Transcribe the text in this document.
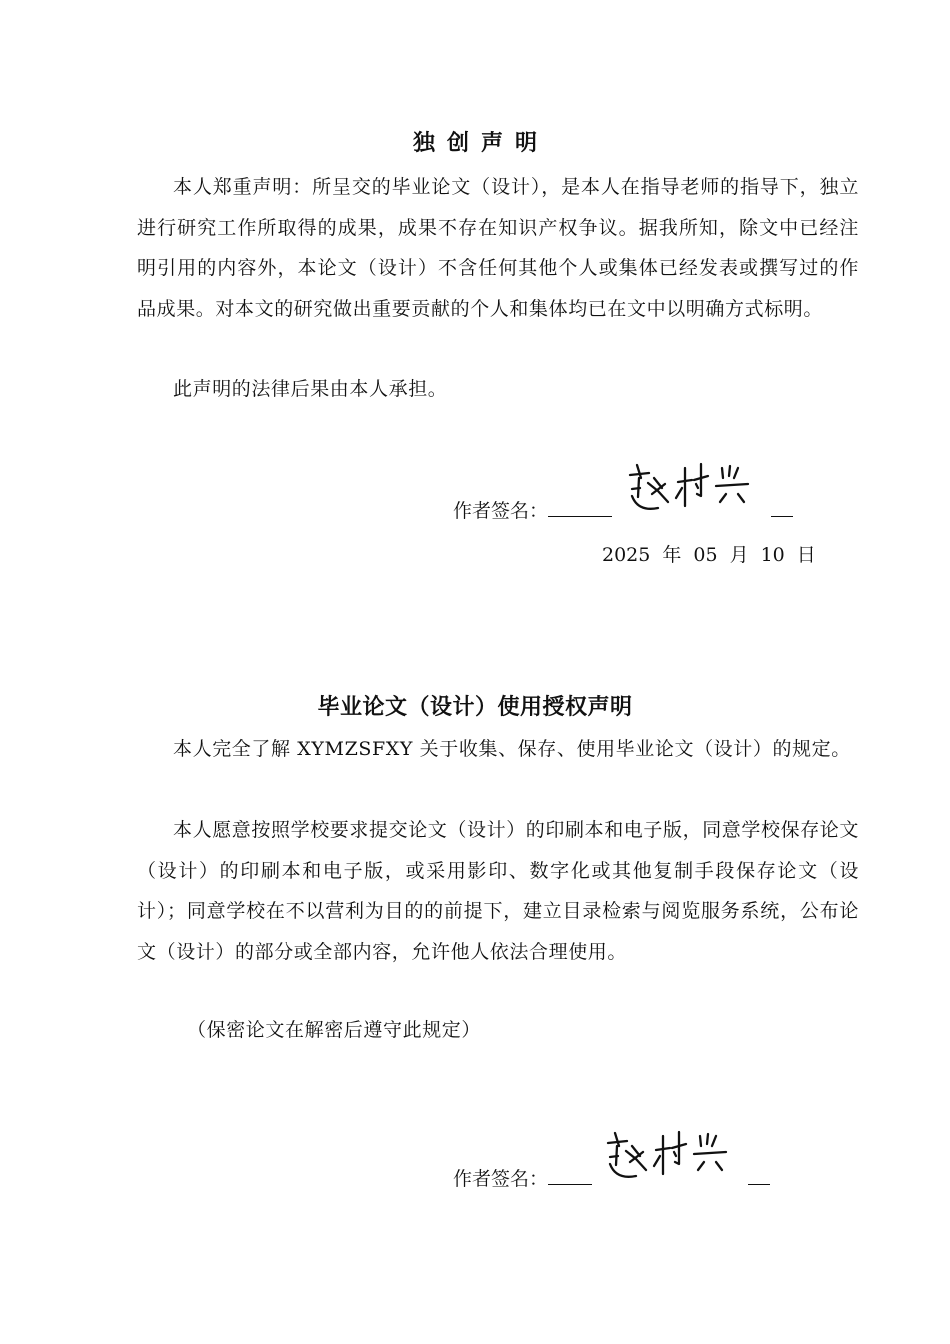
独创声明

本人郑重声明：所呈交的毕业论文（设计），是本人在指导老师的指导下，独立进行研究工作所取得的成果，成果不存在知识产权争议。据我所知，除文中已经注明引用的内容外，本论文（设计）不含任何其他个人或集体已经发表或撰写过的作品成果。对本文的研究做出重要贡献的个人和集体均已在文中以明确方式标明。

此声明的法律后果由本人承担。

作者签名：
2025 年 05 月 10 日
毕业论文（设计）使用授权声明

本人完全了解 XYMZSFXY 关于收集、保存、使用毕业论文（设计）的规定。

本人愿意按照学校要求提交论文（设计）的印刷本和电子版，同意学校保存论文（设计）的印刷本和电子版，或采用影印、数字化或其他复制手段保存论文（设计）；同意学校在不以营利为目的的前提下，建立目录检索与阅览服务系统，公布论文（设计）的部分或全部内容，允许他人依法合理使用。

（保密论文在解密后遵守此规定）

作者签名：
